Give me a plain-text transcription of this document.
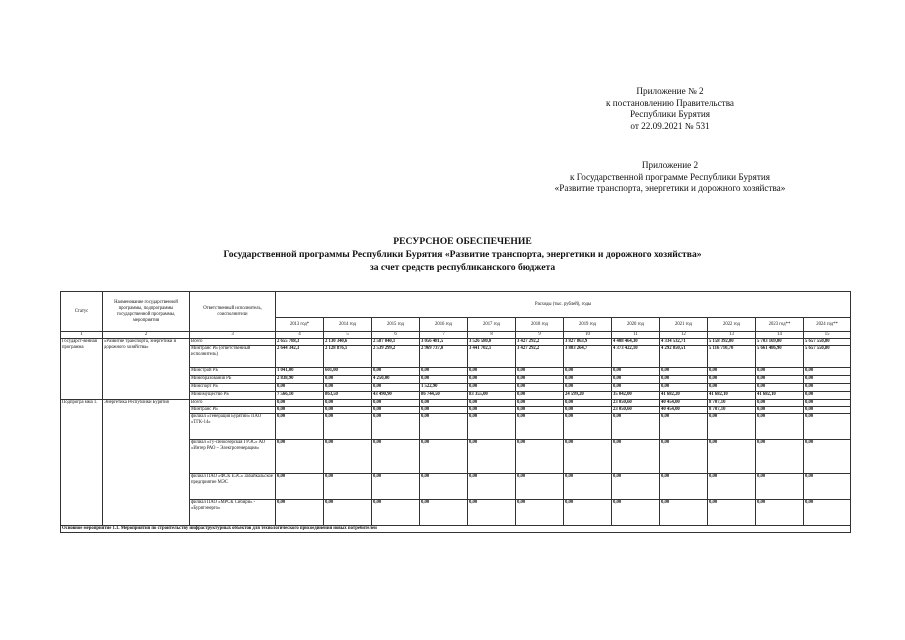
Приложение № 2
к постановлению Правительства
Республики Бурятия
от 22.09.2021 № 531
Приложение 2
к Государственной программе Республики Бурятия
«Развитие транспорта, энергетики и дорожного хозяйства»
РЕСУРСНОЕ ОБЕСПЕЧЕНИЕ
Государственной программы Республики Бурятия «Развитие транспорта, энергетики и дорожного хозяйства»
за счет средств республиканского бюджета
Статус	Наименование государственной программы, подпрограммы государственной программы, мероприятия	Ответственный исполнитель, соисполнители	Расходы (тыс. рублей), годы											
			2013 год*	2014 год	2015 год	2016 год	2017 год	2018 год	2019 год	2020 год	2021 год	2022 год	2023 год**	2024 год**
1	2	3	4	5	6	7	8	9	10	11	12	13	14	15
Государст-венная программа	«Развитие транспорта, энергетики и дорожного хозяйства»	Всего	2 655 788,3	2 130 340,6	2 587 040,1	3 056 481,5	3 526 580,0	3 427 292,2	3 827 863,9	4 408 464,30	4 334 532,71	5 158 392,80	5 703 169,00	5 657 550,80
		Минтранс РБ (ответственный исполнитель)	2 644 342,3	2 128 876,1	2 539 299,2	2 969 737,0	3 441 702,1	3 427 292,2	3 803 264,7	4 373 422,10	4 292 850,51	5 116 710,70	5 661 486,90	5 657 550,80
		Минстрой РБ	1 041,00	601,00	0,00	0,00	0,00	0,00	0,00	0,00	0,00	0,00	0,00	0,00
		Минобразования РБ	2 838,90	0,00	4 250,00	0,00	0,00	0,00	0,00	0,00	0,00	0,00	0,00	0,00
		Минспорт РБ	0,00	0,00	0,00	1 522,90	0,00	0,00	0,00	0,00	0,00	0,00	0,00	0,00
		Минимущество РБ	7 566,10	863,50	43 490,90	86 744,50	83 355,00	0,00	24 599,20	35 042,00	41 682,20	41 682,10	41 682,10	0,00
Подпрогра мма 1.	Энергетика Республики Бурятия	Всего	0,00	0,00	0,00	0,00	0,00	0,00	0,00	23 050,60	40 454,00	8 707,10	0,00	0,00
		Минтранс РБ	0,00	0,00	0,00	0,00	0,00	0,00	0,00	23 050,60	40 454,00	8 707,10	0,00	0,00
		филиал «Генерация Бурятии» ПАО «ТГК-14»	0,00	0,00	0,00	0,00	0,00	0,00	0,00	0,00	0,00	0,00	0,00	0,00
		филиал «Гу-синоозерская ГРЭС» АО «Интер РАО – Электрогенерация»	0,00	0,00	0,00	0,00	0,00	0,00	0,00	0,00	0,00	0,00	0,00	0,00
		филиал ПАО «ФСК ЕЭС» Забайкальское предприятие МЭС	0,00	0,00	0,00	0,00	0,00	0,00	0,00	0,00	0,00	0,00	0,00	0,00
		филиал ПАО «МРСК Сибири» - «Бурятэнерго»	0,00	0,00	0,00	0,00	0,00	0,00	0,00	0,00	0,00	0,00	0,00	0,00
Основное мероприятие 1.1. Мероприятия по строительству инфраструктурных объектов для технологического присоединения новых потребителей														
